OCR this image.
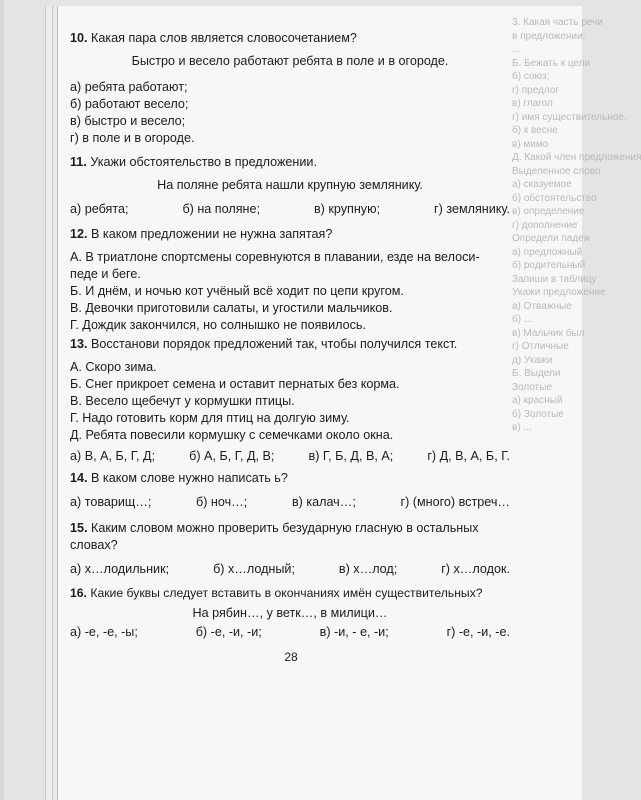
3. Какая часть речи
в предложении:
...
Б. Бежать к цели
б) союз;
г) предлог
в) глагол
г) имя существительное.
б) к весне
в) мимо
Д. Какой член предложения
Выделенное слово
а) сказуемое
б) обстоятельство
в) определение
г) дополнение
Определи падеж
а) предложный
б) родительный
Запиши в таблицу
Укажи предложение
а) Отважные
б) ...
в) Мальчик был
г) Отличные
д) Укажи
Б. Выдели
Золотые
а) красный
б) Золотые
в) ...
10. Какая пара слов является словосочетанием?
Быстро и весело работают ребята в поле и в огороде.
а) ребята работают;
б) работают весело;
в) быстро и весело;
г) в поле и в огороде.
11. Укажи обстоятельство в предложении.
На поляне ребята нашли крупную землянику.
а) ребята;	б) на поляне;	в) крупную;	г) землянику.
12. В каком предложении не нужна запятая?
А. В триатлоне спортсмены соревнуются в плавании, езде на велоси-
педе и беге.
Б. И днём, и ночью кот учёный всё ходит по цепи кругом.
В. Девочки приготовили салаты, и угостили мальчиков.
Г. Дождик закончился, но солнышко не появилось.
13. Восстанови порядок предложений так, чтобы получился текст.
А. Скоро зима.
Б. Снег прикроет семена и оставит пернатых без корма.
В. Весело щебечут у кормушки птицы.
Г. Надо готовить корм для птиц на долгую зиму.
Д. Ребята повесили кормушку с семечками около окна.
а) В, А, Б, Г, Д;	б) А, Б, Г, Д, В;	в) Г, Б, Д, В, А;	г) Д, В, А, Б, Г.
14. В каком слове нужно написать ь?
а) товарищ…;	б) ноч…;	в) калач…;	г) (много) встреч…
15. Каким словом можно проверить безударную гласную в остальных
словах?
а) х…лодильник;	б) х…лодный;	в) х…лод;	г) х…лодок.
16. Какие буквы следует вставить в окончаниях имён существительных?
На рябин…, у ветк…, в милици…
а) -е, -е, -ы;	б) -е, -и, -и;	в) -и, - е, -и;	г) -е, -и, -е.
28
